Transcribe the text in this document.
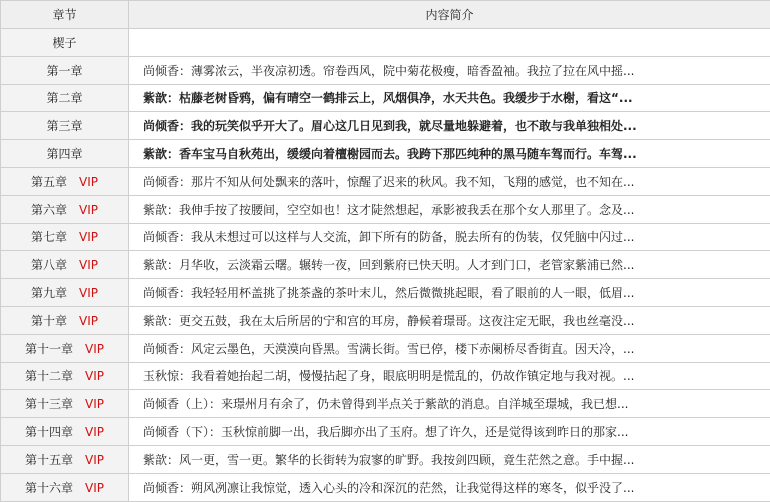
章节	内容简介
楔子	
第一章	尚倾香：薄雾浓云，半夜凉初透。帘卷西风，院中菊花极瘦，暗香盈袖。我拉了拉在风中摇...
第二章	紫歆：枯藤老树昏鸦，偏有晴空一鹤排云上，风烟俱净，水天共色。我缓步于水榭，看这“...
第三章	尚倾香：我的玩笑似乎开大了。眉心这几日见到我，就尽量地躲避着，也不敢与我单独相处...
第四章	紫歆：香车宝马自秋苑出，缓缓向着檀榭园而去。我跨下那匹纯种的黑马随车驾而行。车驾...
第五章 VIP	尚倾香：那片不知从何处飘来的落叶，惊醒了迟来的秋风。我不知，飞翔的感觉，也不知在...
第六章 VIP	紫歆：我伸手按了按腰间，空空如也！这才陡然想起，承影被我丢在那个女人那里了。念及...
第七章 VIP	尚倾香：我从未想过可以这样与人交流，卸下所有的防备，脱去所有的伪装，仅凭脑中闪过...
第八章 VIP	紫歆：月华收，云淡霜云曙。辗转一夜，回到紫府已快天明。人才到门口，老管家紫浦已然...
第九章 VIP	尚倾香：我轻轻用杯盖挑了挑茶盏的茶叶末儿，然后微微挑起眼，看了眼前的人一眼，低眉...
第十章 VIP	紫歆：更交五鼓，我在太后所居的宁和宫的耳房，静候着璟哥。这夜注定无眠，我也丝毫没...
第十一章 VIP	尚倾香：风定云墨色，天漠漠向昏黑。雪满长街。雪已停，楼下赤阑桥尽香街直。因天冷，...
第十二章 VIP	玉秋惊：我看着她抬起二胡，慢慢拈起了身，眼底明明是慌乱的，仍故作镇定地与我对视。...
第十三章 VIP	尚倾香（上）：来璟州月有余了，仍未曾得到半点关于紫歆的消息。自洋城至璟城，我已想...
第十四章 VIP	尚倾香（下）：玉秋惊前脚一出，我后脚亦出了玉府。想了许久，还是觉得该到昨日的那家...
第十五章 VIP	紫歆：风一更，雪一更。繁华的长街转为寂寥的旷野。我按剑四顾，竟生茫然之意。手中握...
第十六章 VIP	尚倾香：朔风冽凛让我惊觉，透入心头的冷和深沉的茫然，让我觉得这样的寒冬，似乎没了...
